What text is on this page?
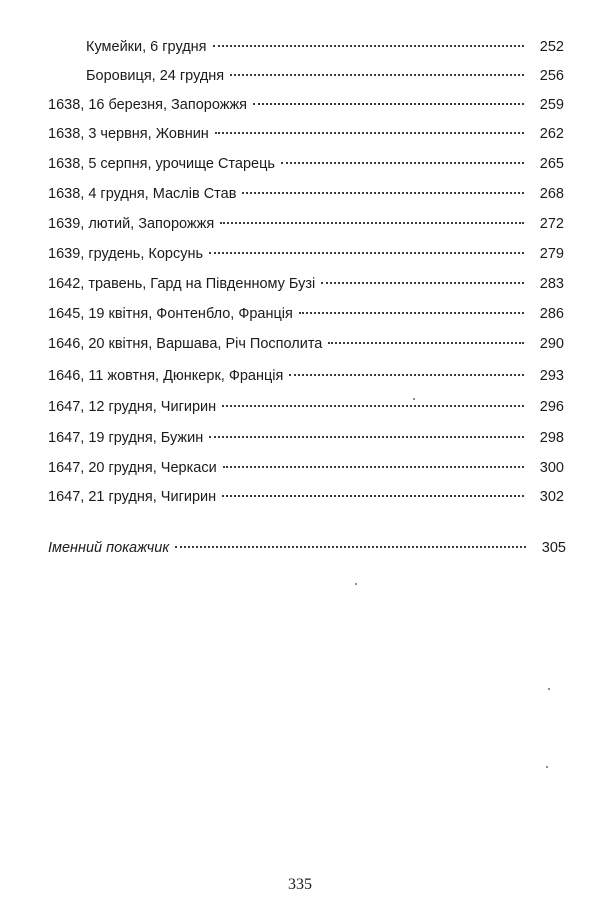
Кумейки, 6 грудня	252
Боровиця, 24 грудня	256
1638, 16 березня, Запорожжя	259
1638, 3 червня, Жовнин	262
1638, 5 серпня, урочище Старець	265
1638, 4 грудня, Маслів Став	268
1639, лютий, Запорожжя	272
1639, грудень, Корсунь	279
1642, травень, Гард на Південному Бузі	283
1645, 19 квітня, Фонтенбло, Франція	286
1646, 20 квітня, Варшава, Річ Посполита	290
1646, 11 жовтня, Дюнкерк, Франція	293
1647, 12 грудня, Чигирин	296
1647, 19 грудня, Бужин	298
1647, 20 грудня, Черкаси	300
1647, 21 грудня, Чигирин	302
Іменний покажчик	305
335
